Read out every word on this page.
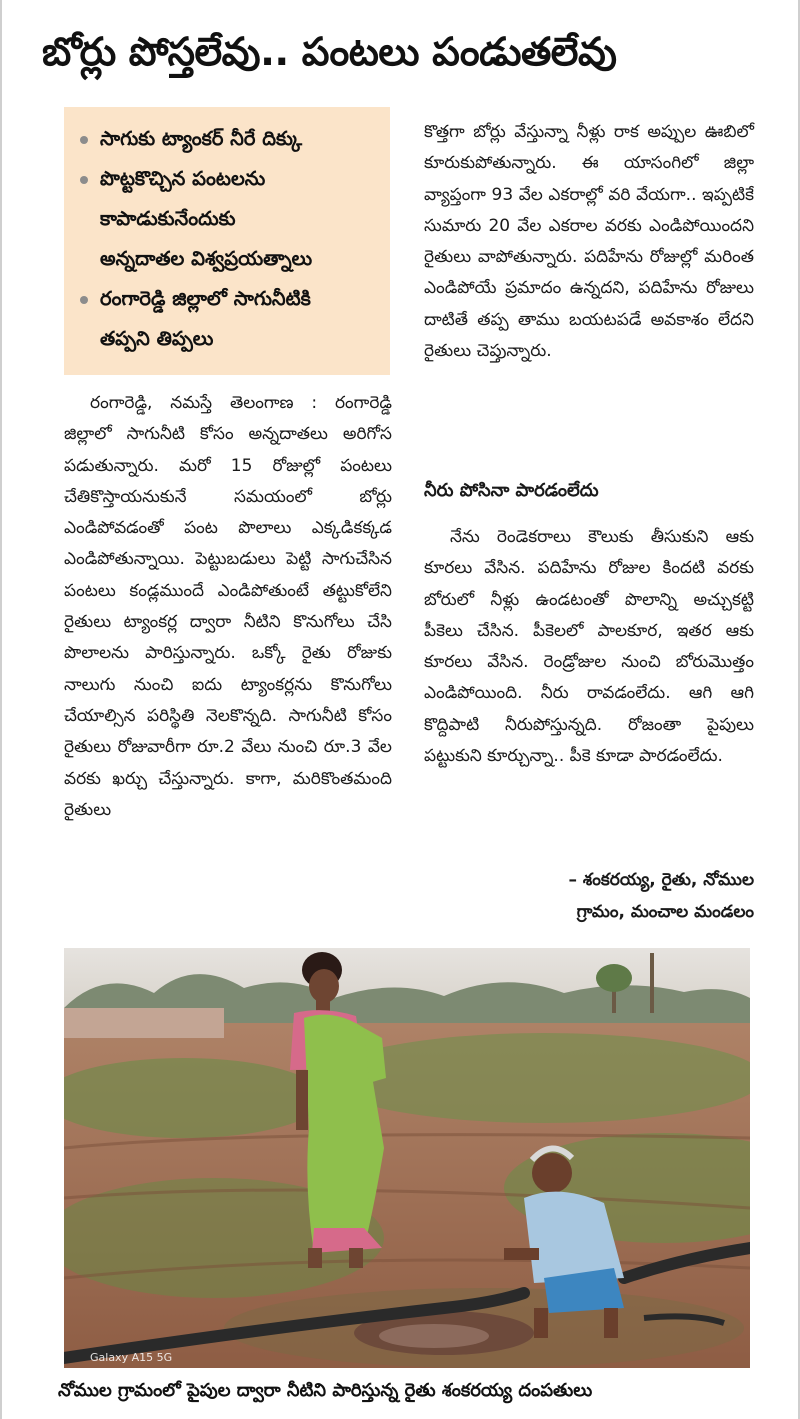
బోర్లు పోస్తలేవు.. పంటలు పండుతలేవు
సాగుకు ట్యాంకర్ నీరే దిక్కు
పొట్టకొచ్చిన పంటలను
కాపాడుకునేందుకు
అన్నదాతల విశ్వప్రయత్నాలు
రంగారెడ్డి జిల్లాలో సాగునీటికి
తప్పని తిప్పలు

రంగారెడ్డి, నమస్తే తెలంగాణ : రంగారెడ్డి జిల్లాలో సాగునీటి కోసం అన్నదాతలు అరిగోస పడుతున్నారు. మరో 15 రోజుల్లో పంటలు చేతికొస్తాయనుకునే సమయంలో బోర్లు ఎండిపోవడంతో పంట పొలాలు ఎక్కడికక్కడ ఎండిపోతున్నాయి. పెట్టుబడులు పెట్టి సాగుచేసిన పంటలు కండ్లముందే ఎండిపోతుంటే తట్టుకోలేని రైతులు ట్యాంకర్ల ద్వారా నీటిని కొనుగోలు చేసి పొలాలను పారిస్తున్నారు. ఒక్కో రైతు రోజుకు నాలుగు నుంచి ఐదు ట్యాంకర్లను కొనుగోలు చేయాల్సిన పరిస్థితి నెలకొన్నది. సాగునీటి కోసం రైతులు రోజువారీగా రూ.2 వేలు నుంచి రూ.3 వేల వరకు ఖర్చు చేస్తున్నారు. కాగా, మరికొంతమంది రైతులు

కొత్తగా బోర్లు వేస్తున్నా నీళ్లు రాక అప్పుల ఊబిలో కూరుకుపోతున్నారు. ఈ యాసంగిలో జిల్లా వ్యాప్తంగా 93 వేల ఎకరాల్లో వరి వేయగా.. ఇప్పటికే సుమారు 20 వేల ఎకరాల వరకు ఎండిపోయిందని రైతులు వాపోతున్నారు. పదిహేను రోజుల్లో మరింత ఎండిపోయే ప్రమాదం ఉన్నదని, పదిహేను రోజులు దాటితే తప్ప తాము బయటపడే అవకాశం లేదని రైతులు చెప్తున్నారు.

నీరు పోసినా పారడంలేదు

నేను రెండెకరాలు కౌలుకు తీసుకుని ఆకు కూరలు వేసిన. పదిహేను రోజుల కిందటి వరకు బోరులో నీళ్లు ఉండటంతో పొలాన్ని అచ్చుకట్టి పీకెలు చేసిన. పీకెలలో పాలకూర, ఇతర ఆకు కూరలు వేసిన. రెండ్రోజుల నుంచి బోరుమొత్తం ఎండిపోయింది. నీరు రావడంలేదు. ఆగి ఆగి కొద్దిపాటి నీరుపోస్తున్నది. రోజంతా పైపులు పట్టుకుని కూర్చున్నా.. పీకె కూడా పారడంలేదు.

– శంకరయ్య, రైతు, నోముల
గ్రామం, మంచాల మండలం
Galaxy A15 5G
నోముల గ్రామంలో పైపుల ద్వారా నీటిని పారిస్తున్న రైతు శంకరయ్య దంపతులు
